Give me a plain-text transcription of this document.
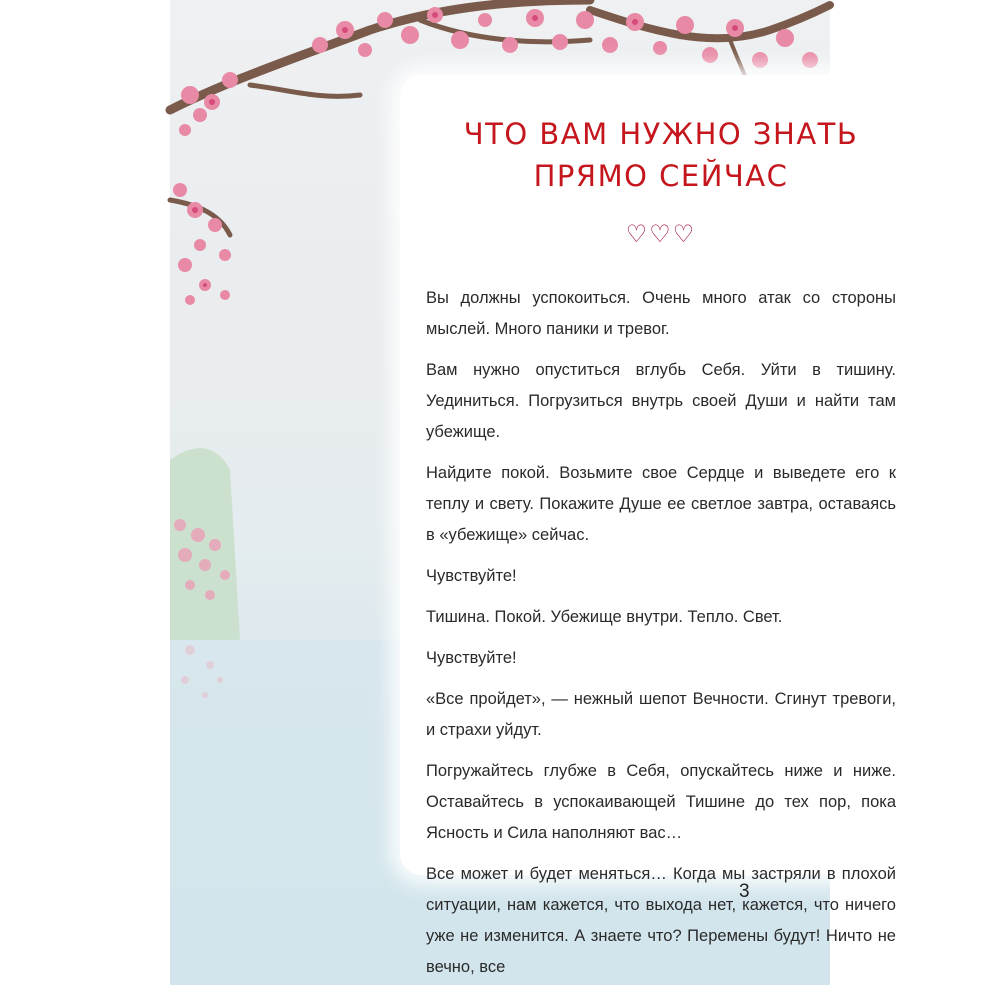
ЧТО ВАМ НУЖНО ЗНАТЬ
ПРЯМО СЕЙЧАС
♡♡♡

Вы должны успокоиться. Очень много атак со стороны мыслей. Много паники и тревог.

Вам нужно опуститься вглубь Себя. Уйти в тишину. Уединиться. Погрузиться внутрь своей Души и найти там убежище.

Найдите покой. Возьмите свое Сердце и выведете его к теплу и свету. Покажите Душе ее светлое завтра, оставаясь в «убежище» сейчас.

Чувствуйте!

Тишина. Покой. Убежище внутри. Тепло. Свет.

Чувствуйте!

«Все пройдет», — нежный шепот Вечности. Сгинут тревоги, и страхи уйдут.

Погружайтесь глубже в Себя, опускайтесь ниже и ниже. Оставайтесь в успокаивающей Тишине до тех пор, пока Ясность и Сила наполняют вас…

Все может и будет меняться… Когда мы застряли в плохой ситуации, нам кажется, что выхода нет, кажется, что ничего уже не изменится. А знаете что? Перемены будут! Ничто не вечно, все

3
